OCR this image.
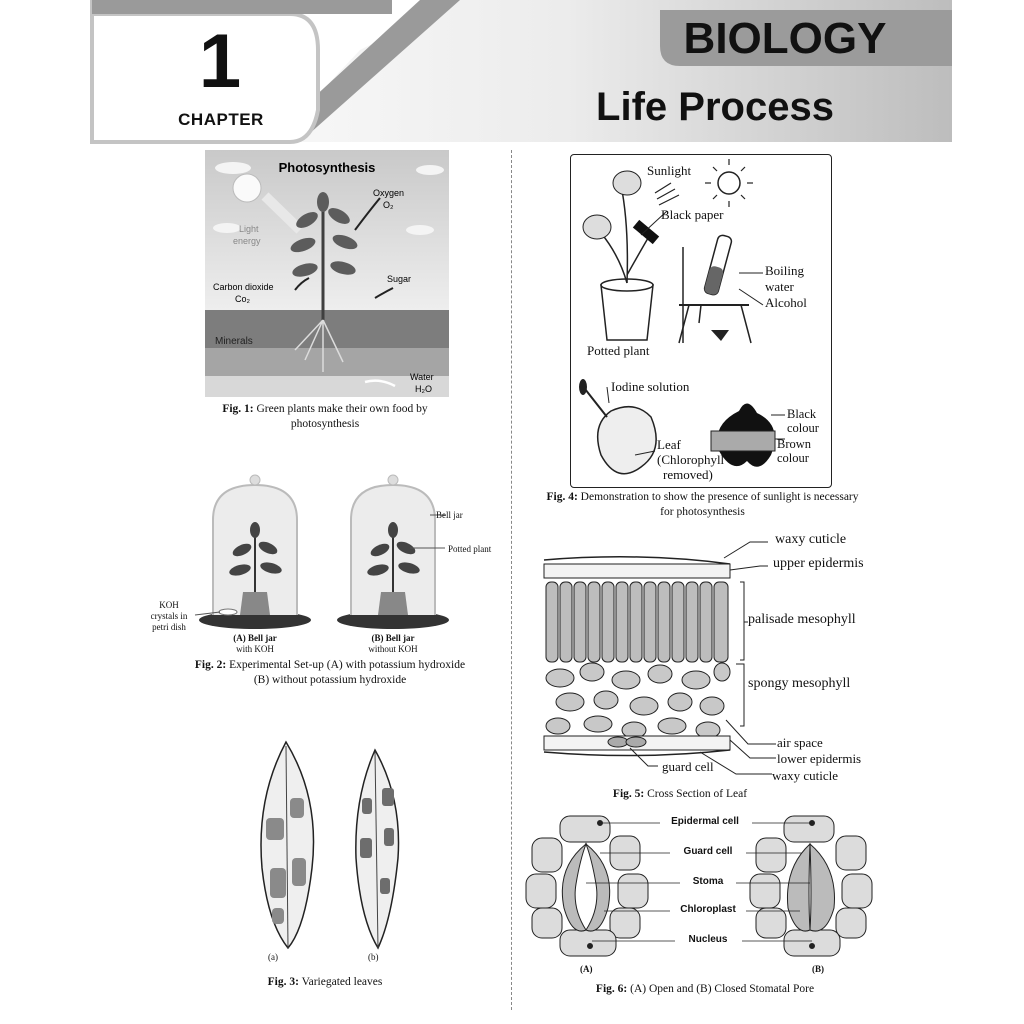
1
CHAPTER
BIOLOGY
Life Process
Photosynthesis
Oxygen
O₂
Light
energy
Carbon dioxide
Co₂
Sugar
Minerals
Water
H₂O
Fig. 1: Green plants make their own food by
photosynthesis
Bell jar
Potted plant
KOH
crystals in
petri dish
(A) Bell jar
with KOH
(B) Bell jar
without KOH
Fig. 2: Experimental Set-up (A) with potassium hydroxide
(B) without potassium hydroxide
(a)	(b)
Fig. 3: Variegated leaves
Sunlight
Black paper
Boiling
water
Alcohol
Potted plant
Iodine solution
Leaf
(Chlorophyll
removed)
Black
colour
Brown
colour
Fig. 4: Demonstration to show the presence of sunlight is necessary
for photosynthesis
waxy cuticle
upper epidermis
palisade mesophyll
spongy mesophyll
air space
lower epidermis
waxy cuticle
guard cell
Fig. 5: Cross Section of Leaf
Epidermal cell
Guard cell
Stoma
Chloroplast
Nucleus
(A)	(B)
Fig. 6: (A) Open and (B) Closed Stomatal Pore
